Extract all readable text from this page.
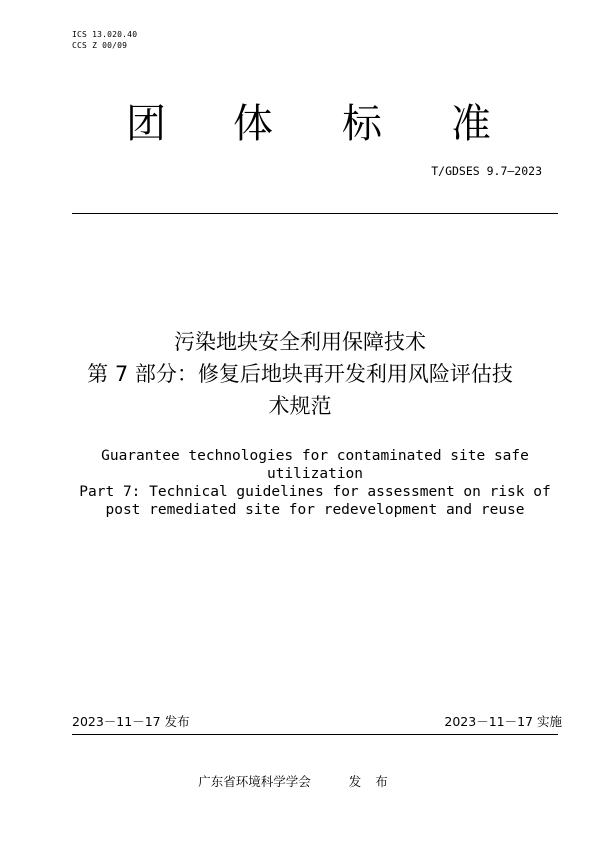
ICS 13.020.40
CCS Z 00/09
团 体 标 准
T/GDSES 9.7—2023
污染地块安全利用保障技术
第 7 部分：修复后地块再开发利用风险评估技
术规范
Guarantee technologies for contaminated site safe
utilization
Part 7: Technical guidelines for assessment on risk of
post remediated site for redevelopment and reuse
2023－11－17 发布	2023－11－17 实施
广东省环境科学学会	发布
